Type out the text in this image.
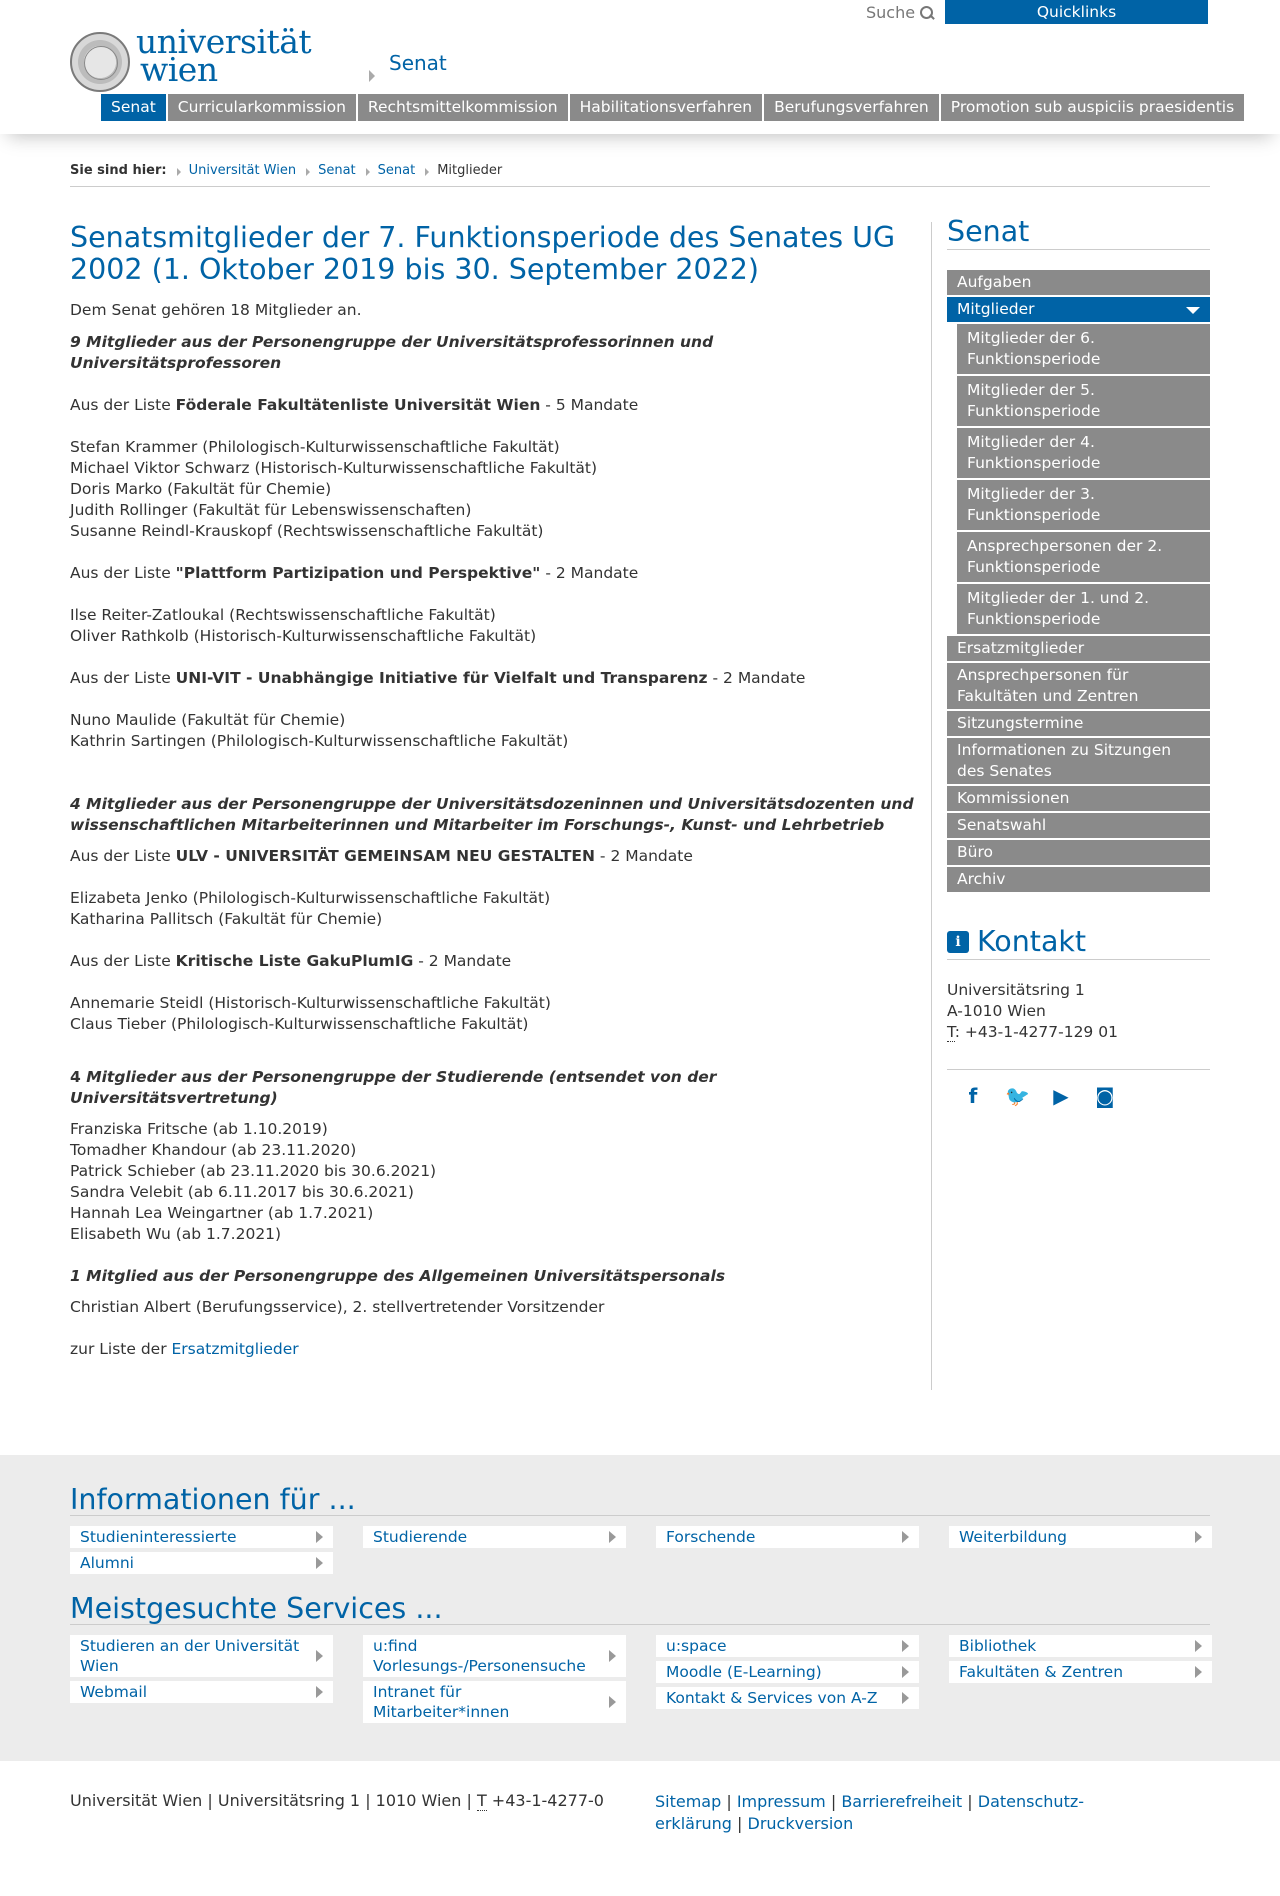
Suche	Quicklinks
universität
wien	Senat
Senat	Curricularkommission	Rechtsmittelkommission	Habilitationsverfahren	Berufungsverfahren	Promotion sub auspiciis praesidentis
Sie sind hier: Universität Wien Senat Senat Mitglieder
Senatsmitglieder der 7. Funktionsperiode des Senates UG 2002 (1. Oktober 2019 bis 30. September 2022)

Dem Senat gehören 18 Mitglieder an.

9 Mitglieder aus der Personengruppe der Universitätsprofessorinnen und Universitätsprofessoren

Aus der Liste Föderale Fakultätenliste Universität Wien - 5 Mandate

Stefan Krammer (Philologisch-Kulturwissenschaftliche Fakultät)

Michael Viktor Schwarz (Historisch-Kulturwissenschaftliche Fakultät)

Doris Marko (Fakultät für Chemie)

Judith Rollinger (Fakultät für Lebenswissenschaften)

Susanne Reindl-Krauskopf (Rechtswissenschaftliche Fakultät)

Aus der Liste "Plattform Partizipation und Perspektive" - 2 Mandate

Ilse Reiter-Zatloukal (Rechtswissenschaftliche Fakultät)

Oliver Rathkolb (Historisch-Kulturwissenschaftliche Fakultät)

Aus der Liste UNI-VIT - Unabhängige Initiative für Vielfalt und Transparenz - 2 Mandate

Nuno Maulide (Fakultät für Chemie)

Kathrin Sartingen (Philologisch-Kulturwissenschaftliche Fakultät)

4 Mitglieder aus der Personengruppe der Universitätsdozeninnen und Universitätsdozenten und wissenschaftlichen Mitarbeiterinnen und Mitarbeiter im Forschungs-, Kunst- und Lehrbetrieb

Aus der Liste ULV - UNIVERSITÄT GEMEINSAM NEU GESTALTEN - 2 Mandate

Elizabeta Jenko (Philologisch-Kulturwissenschaftliche Fakultät)

Katharina Pallitsch (Fakultät für Chemie)

Aus der Liste Kritische Liste GakuPlumIG - 2 Mandate

Annemarie Steidl (Historisch-Kulturwissenschaftliche Fakultät)

Claus Tieber (Philologisch-Kulturwissenschaftliche Fakultät)

4 Mitglieder aus der Personengruppe der Studierende (entsendet von der Universitätsvertretung)

Franziska Fritsche (ab 1.10.2019)

Tomadher Khandour (ab 23.11.2020)

Patrick Schieber (ab 23.11.2020 bis 30.6.2021)

Sandra Velebit (ab 6.11.2017 bis 30.6.2021)

Hannah Lea Weingartner (ab 1.7.2021)

Elisabeth Wu (ab 1.7.2021)

1 Mitglied aus der Personengruppe des Allgemeinen Universitätspersonals

Christian Albert (Berufungsservice), 2. stellvertretender Vorsitzender

zur Liste der Ersatzmitglieder

Senat
Aufgaben
Mitglieder
Mitglieder der 6. Funktionsperiode
Mitglieder der 5. Funktionsperiode
Mitglieder der 4. Funktionsperiode
Mitglieder der 3. Funktionsperiode
Ansprechpersonen der 2. Funktionsperiode
Mitglieder der 1. und 2. Funktionsperiode
Ersatzmitglieder
Ansprechpersonen für Fakultäten und Zentren
Sitzungstermine
Informationen zu Sitzungen des Senates
Kommissionen
Senatswahl
Büro
Archiv
i Kontakt

Universitätsring 1

A-1010 Wien

T: +43-1-4277-129 01

f	🐦 ▶ ◙
Informationen für ...
Studieninteressierte
Alumni
Studierende	Forschende	Weiterbildung
Meistgesuchte Services ...
Studieren an der Universität Wien
Webmail
u:find Vorlesungs-/Personensuche
Intranet für Mitarbeiter*innen
u:space
Moodle (E-Learning)
Kontakt & Services von A-Z
Bibliothek
Fakultäten & Zentren
Universität Wien | Universitätsring 1 | 1010 Wien | T +43-1-4277-0	Sitemap | Impressum | Barrierefreiheit | Datenschutz-erklärung | Druckversion
